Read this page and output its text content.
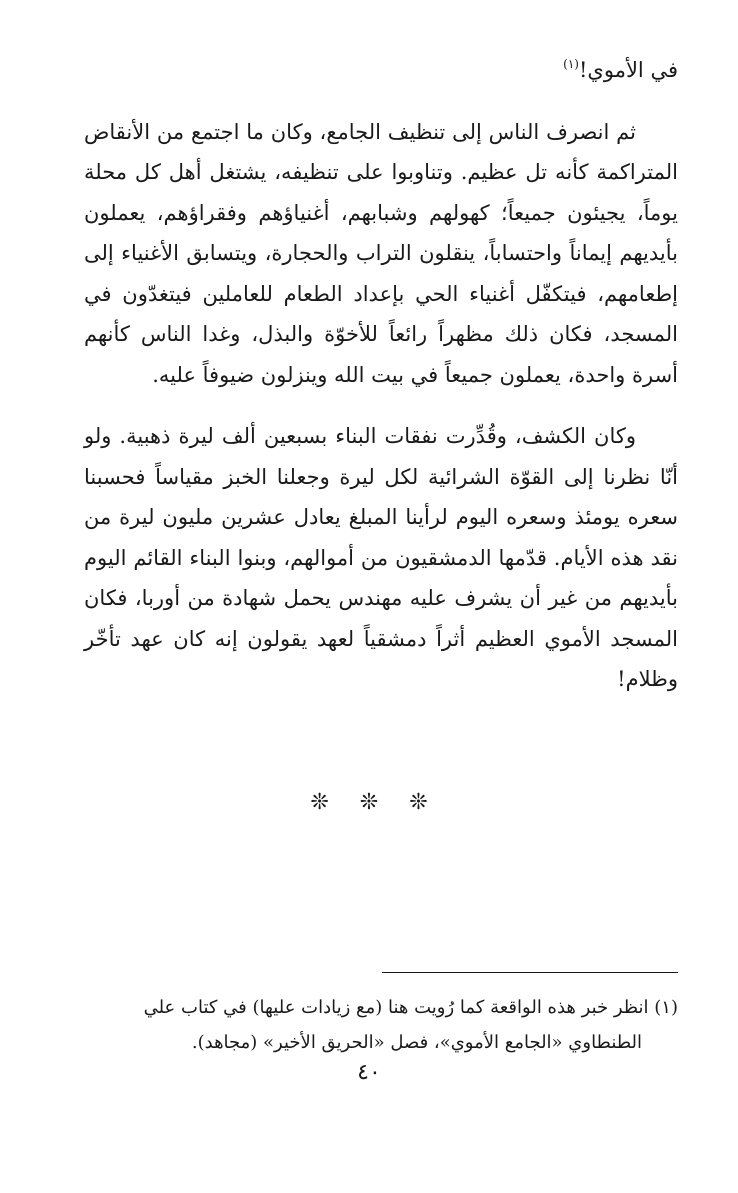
في الأموي!$^{(١)}$

ثم انصرف الناس إلى تنظيف الجامع، وكان ما اجتمع من الأنقاض المتراكمة كأنه تل عظيم. وتناوبوا على تنظيفه، يشتغل أهل كل محلة يوماً، يجيئون جميعاً؛ كهولهم وشبابهم، أغنياؤهم وفقراؤهم، يعملون بأيديهم إيماناً واحتساباً، ينقلون التراب والحجارة، ويتسابق الأغنياء إلى إطعامهم، فيتكفّل أغنياء الحي بإعداد الطعام للعاملين فيتغدّون في المسجد، فكان ذلك مظهراً رائعاً للأخوّة والبذل، وغدا الناس كأنهم أسرة واحدة، يعملون جميعاً في بيت الله وينزلون ضيوفاً عليه.

وكان الكشف، وقُدِّرت نفقات البناء بسبعين ألف ليرة ذهبية. ولو أنّا نظرنا إلى القوّة الشرائية لكل ليرة وجعلنا الخبز مقياساً فحسبنا سعره يومئذ وسعره اليوم لرأينا المبلغ يعادل عشرين مليون ليرة من نقد هذه الأيام. قدّمها الدمشقيون من أموالهم، وبنوا البناء القائم اليوم بأيديهم من غير أن يشرف عليه مهندس يحمل شهادة من أوربا، فكان المسجد الأموي العظيم أثراً دمشقياً لعهد يقولون إنه كان عهد تأخّر وظلام!

❊ ❊ ❊
(١) انظر خبر هذه الواقعة كما رُويت هنا (مع زيادات عليها) في كتاب علي
الطنطاوي «الجامع الأموي»، فصل «الحريق الأخير» (مجاهد).
٤٠
